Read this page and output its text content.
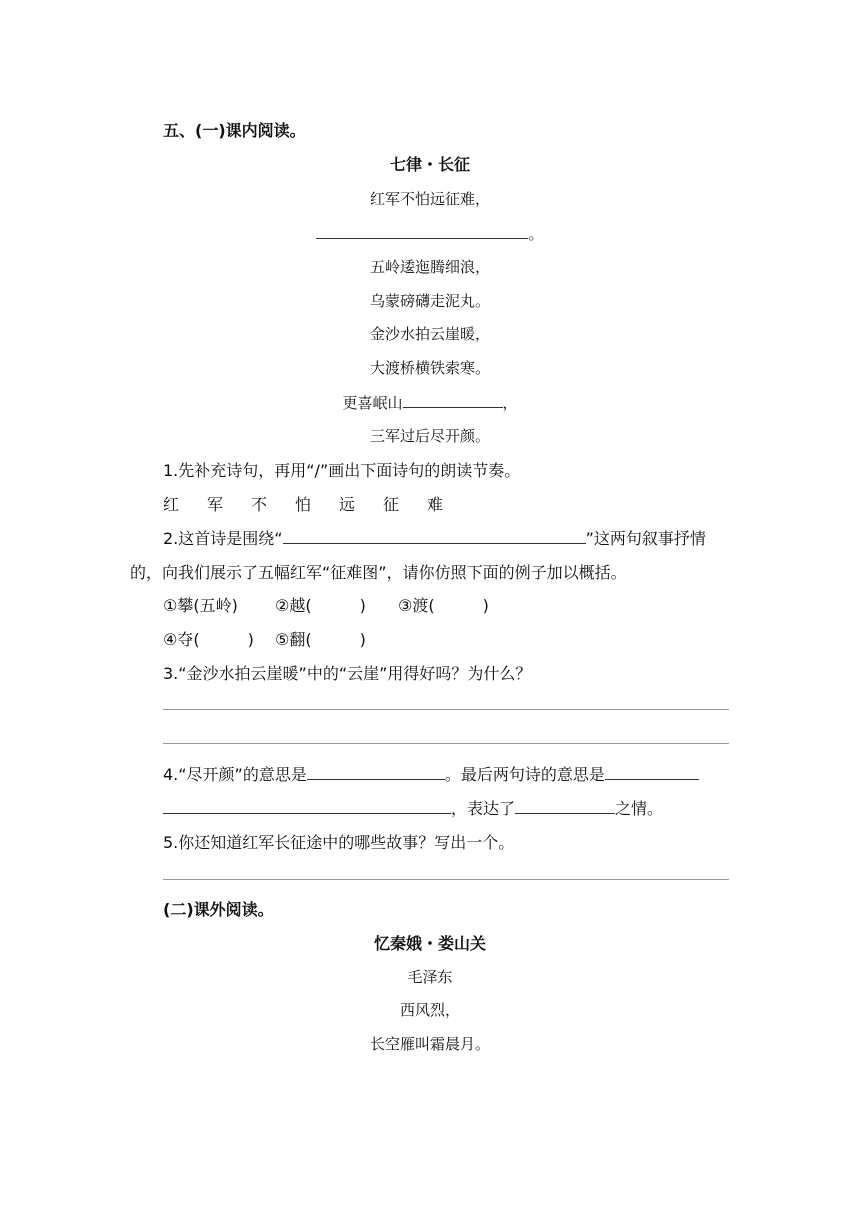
五、(一)课内阅读。
七律・长征
红军不怕远征难，
。
五岭逶迤腾细浪，
乌蒙磅礴走泥丸。
金沙水拍云崖暖，
大渡桥横铁索寒。
更喜岷山	，
三军过后尽开颜。
1.先补充诗句，再用“/”画出下面诗句的朗读节奏。
红 军 不 怕 远 征 难
2.这首诗是围绕“	”这两句叙事抒情
的，向我们展示了五幅红军“征难图”，请你仿照下面的例子加以概括。
①攀(五岭) ②越(　　　) ③渡(　　　)
④夺(　　　) ⑤翻(　　　)
3.“金沙水拍云崖暖”中的“云崖”用得好吗？为什么？
4.“尽开颜”的意思是	。最后两句诗的意思是
，表达了	之情。
5.你还知道红军长征途中的哪些故事？写出一个。
(二)课外阅读。
忆秦娥・娄山关
毛泽东
西风烈，
长空雁叫霜晨月。
